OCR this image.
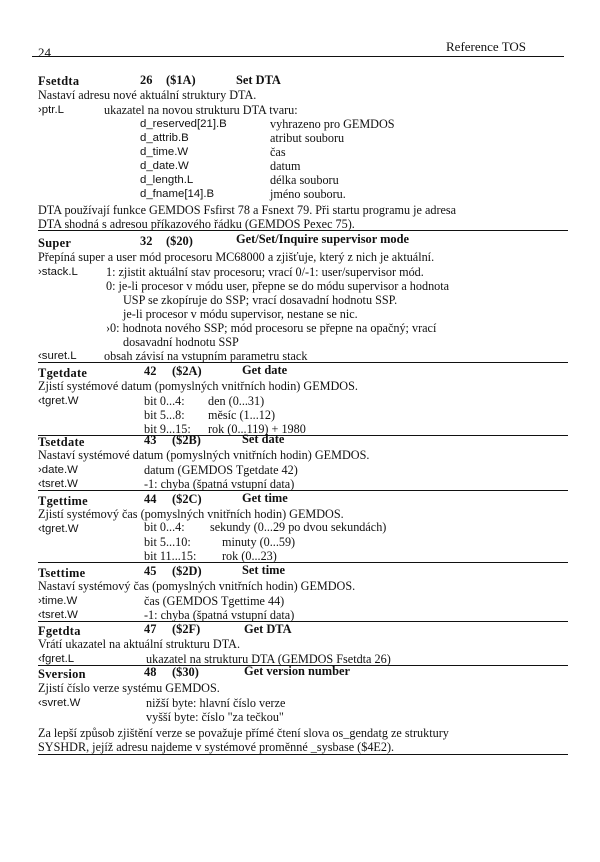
24	Reference TOS
Fsetdta	26 ($1A)	Set DTA
Nastaví adresu nové aktuální struktury DTA.
›ptr.L	ukazatel na novou strukturu DTA tvaru:
d_reserved[21].B	vyhrazeno pro GEMDOS
d_attrib.B	atribut souboru
d_time.W	čas
d_date.W	datum
d_length.L	délka souboru
d_fname[14].B	jméno souboru.
DTA používají funkce GEMDOS Fsfirst 78 a Fsnext 79. Při startu programu je adresa
DTA shodná s adresou příkazového řádku (GEMDOS Pexec 75).
Super	32 ($20)	Get/Set/Inquire supervisor mode
Přepíná super a user mód procesoru MC68000 a zjišťuje, který z nich je aktuální.
›stack.L 1: zjistit aktuální stav procesoru; vrací 0/-1: user/supervisor mód.
0: je-li procesor v módu user, přepne se do módu supervisor a hodnota
USP se zkopíruje do SSP; vrací dosavadní hodnotu SSP.
je-li procesor v módu supervisor, nestane se nic.
›0: hodnota nového SSP; mód procesoru se přepne na opačný; vrací
dosavadní hodnotu SSP
‹suret.L obsah závisí na vstupním parametru stack
Tgetdate	42 ($2A)	Get date
Zjistí systémové datum (pomyslných vnitřních hodin) GEMDOS.
‹tgret.W	bit 0...4: den (0...31)
bit 5...8: měsíc (1...12)
bit 9...15: rok (0...119) + 1980
Tsetdate	43 ($2B)	Set date
Nastaví systémové datum (pomyslných vnitřních hodin) GEMDOS.
›date.W	datum (GEMDOS Tgetdate 42)
‹tsret.W	-1: chyba (špatná vstupní data)
Tgettime	44 ($2C)	Get time
Zjistí systémový čas (pomyslných vnitřních hodin) GEMDOS.
‹tgret.W	bit 0...4: sekundy (0...29 po dvou sekundách)
bit 5...10:	minuty (0...59)
bit 11...15: rok (0...23)
Tsettime	45 ($2D)	Set time
Nastaví systémový čas (pomyslných vnitřních hodin) GEMDOS.
›time.W	čas (GEMDOS Tgettime 44)
‹tsret.W	-1: chyba (špatná vstupní data)
Fgetdta	47 ($2F)	Get DTA
Vrátí ukazatel na aktuální strukturu DTA.
‹fgret.L	ukazatel na strukturu DTA (GEMDOS Fsetdta 26)
Sversion	48 ($30)	Get version number
Zjistí číslo verze systému GEMDOS.
‹svret.W	nižší byte: hlavní číslo verze
vyšší byte: číslo "za tečkou"
Za lepší způsob zjištění verze se považuje přímé čtení slova os_gendatg ze struktury
SYSHDR, jejíž adresu najdeme v systémové proměnné _sysbase ($4E2).
